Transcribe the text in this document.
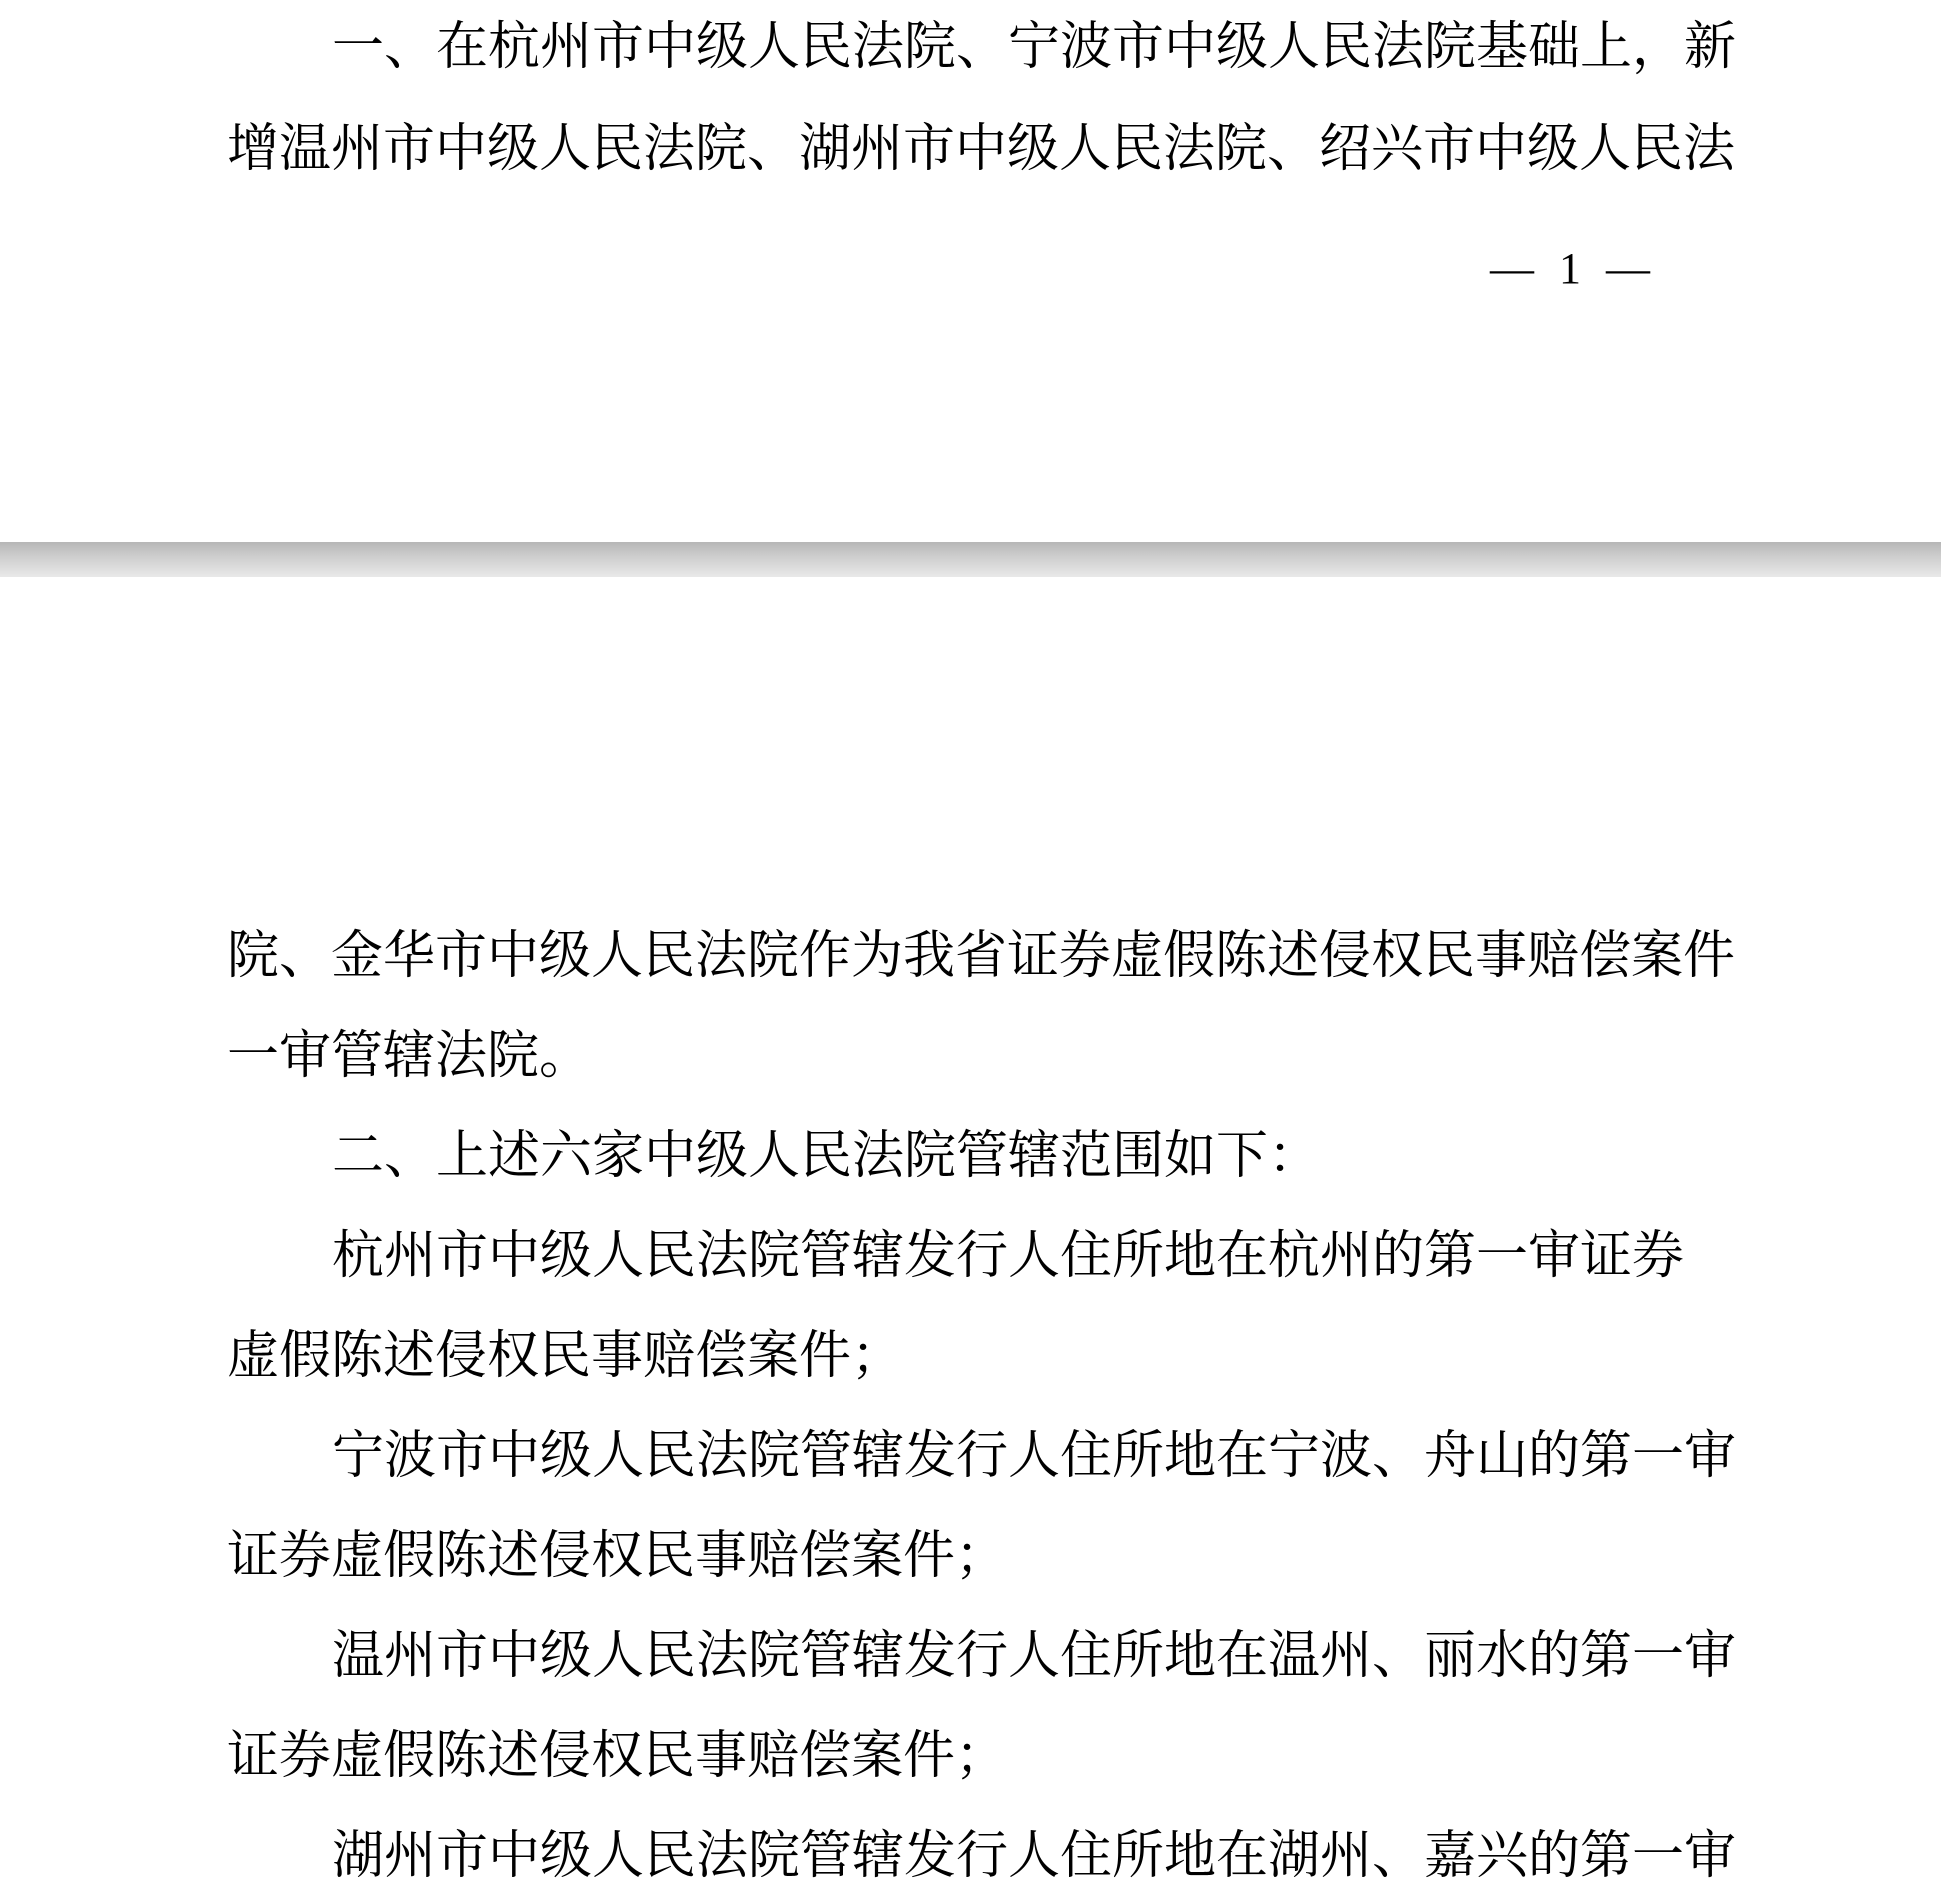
一、在杭州市中级人民法院、宁波市中级人民法院基础上，新
增温州市中级人民法院、湖州市中级人民法院、绍兴市中级人民法
— 1 —
院、金华市中级人民法院作为我省证券虚假陈述侵权民事赔偿案件
一审管辖法院。
二、上述六家中级人民法院管辖范围如下：
杭州市中级人民法院管辖发行人住所地在杭州的第一审证券
虚假陈述侵权民事赔偿案件；
宁波市中级人民法院管辖发行人住所地在宁波、舟山的第一审
证券虚假陈述侵权民事赔偿案件；
温州市中级人民法院管辖发行人住所地在温州、丽水的第一审
证券虚假陈述侵权民事赔偿案件；
湖州市中级人民法院管辖发行人住所地在湖州、嘉兴的第一审
